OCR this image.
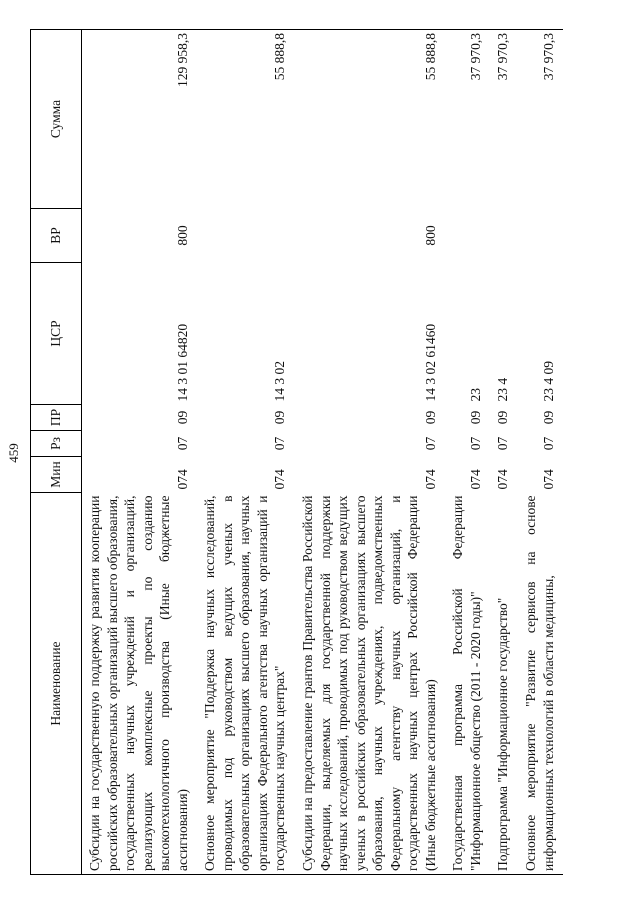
459
Наименование	Мин	Рз	ПР	ЦСР	ВР	Сумма
Субсидии на государственную поддержку развития кооперации российских образовательных организаций высшего образования, государственных научных учреждений и организаций, реализующих комплексные проекты по созданию высокотехнологичного производства (Иные бюджетные ассигнования)	074	07	09	14 3 01 64820	800	129 958,3
Основное мероприятие "Поддержка научных исследований, проводимых под руководством ведущих ученых в образовательных организациях высшего образования, научных организациях Федерального агентства научных организаций и государственных научных центрах"	074	07	09	14 3 02		55 888,8
Субсидии на предоставление грантов Правительства Российской Федерации, выделяемых для государственной поддержки научных исследований, проводимых под руководством ведущих ученых в российских образовательных организациях высшего образования, научных учреждениях, подведомственных Федеральному агентству научных организаций, и государственных научных центрах Российской Федерации (Иные бюджетные ассигнования)	074	07	09	14 3 02 61460	800	55 888,8
Государственная программа Российской Федерации "Информационное общество (2011 - 2020 годы)"	074	07	09	23		37 970,3
Подпрограмма "Информационное государство"	074	07	09	23 4		37 970,3
Основное мероприятие "Развитие сервисов на основе информационных технологий в области медицины,	074	07	09	23 4 09		37 970,3
